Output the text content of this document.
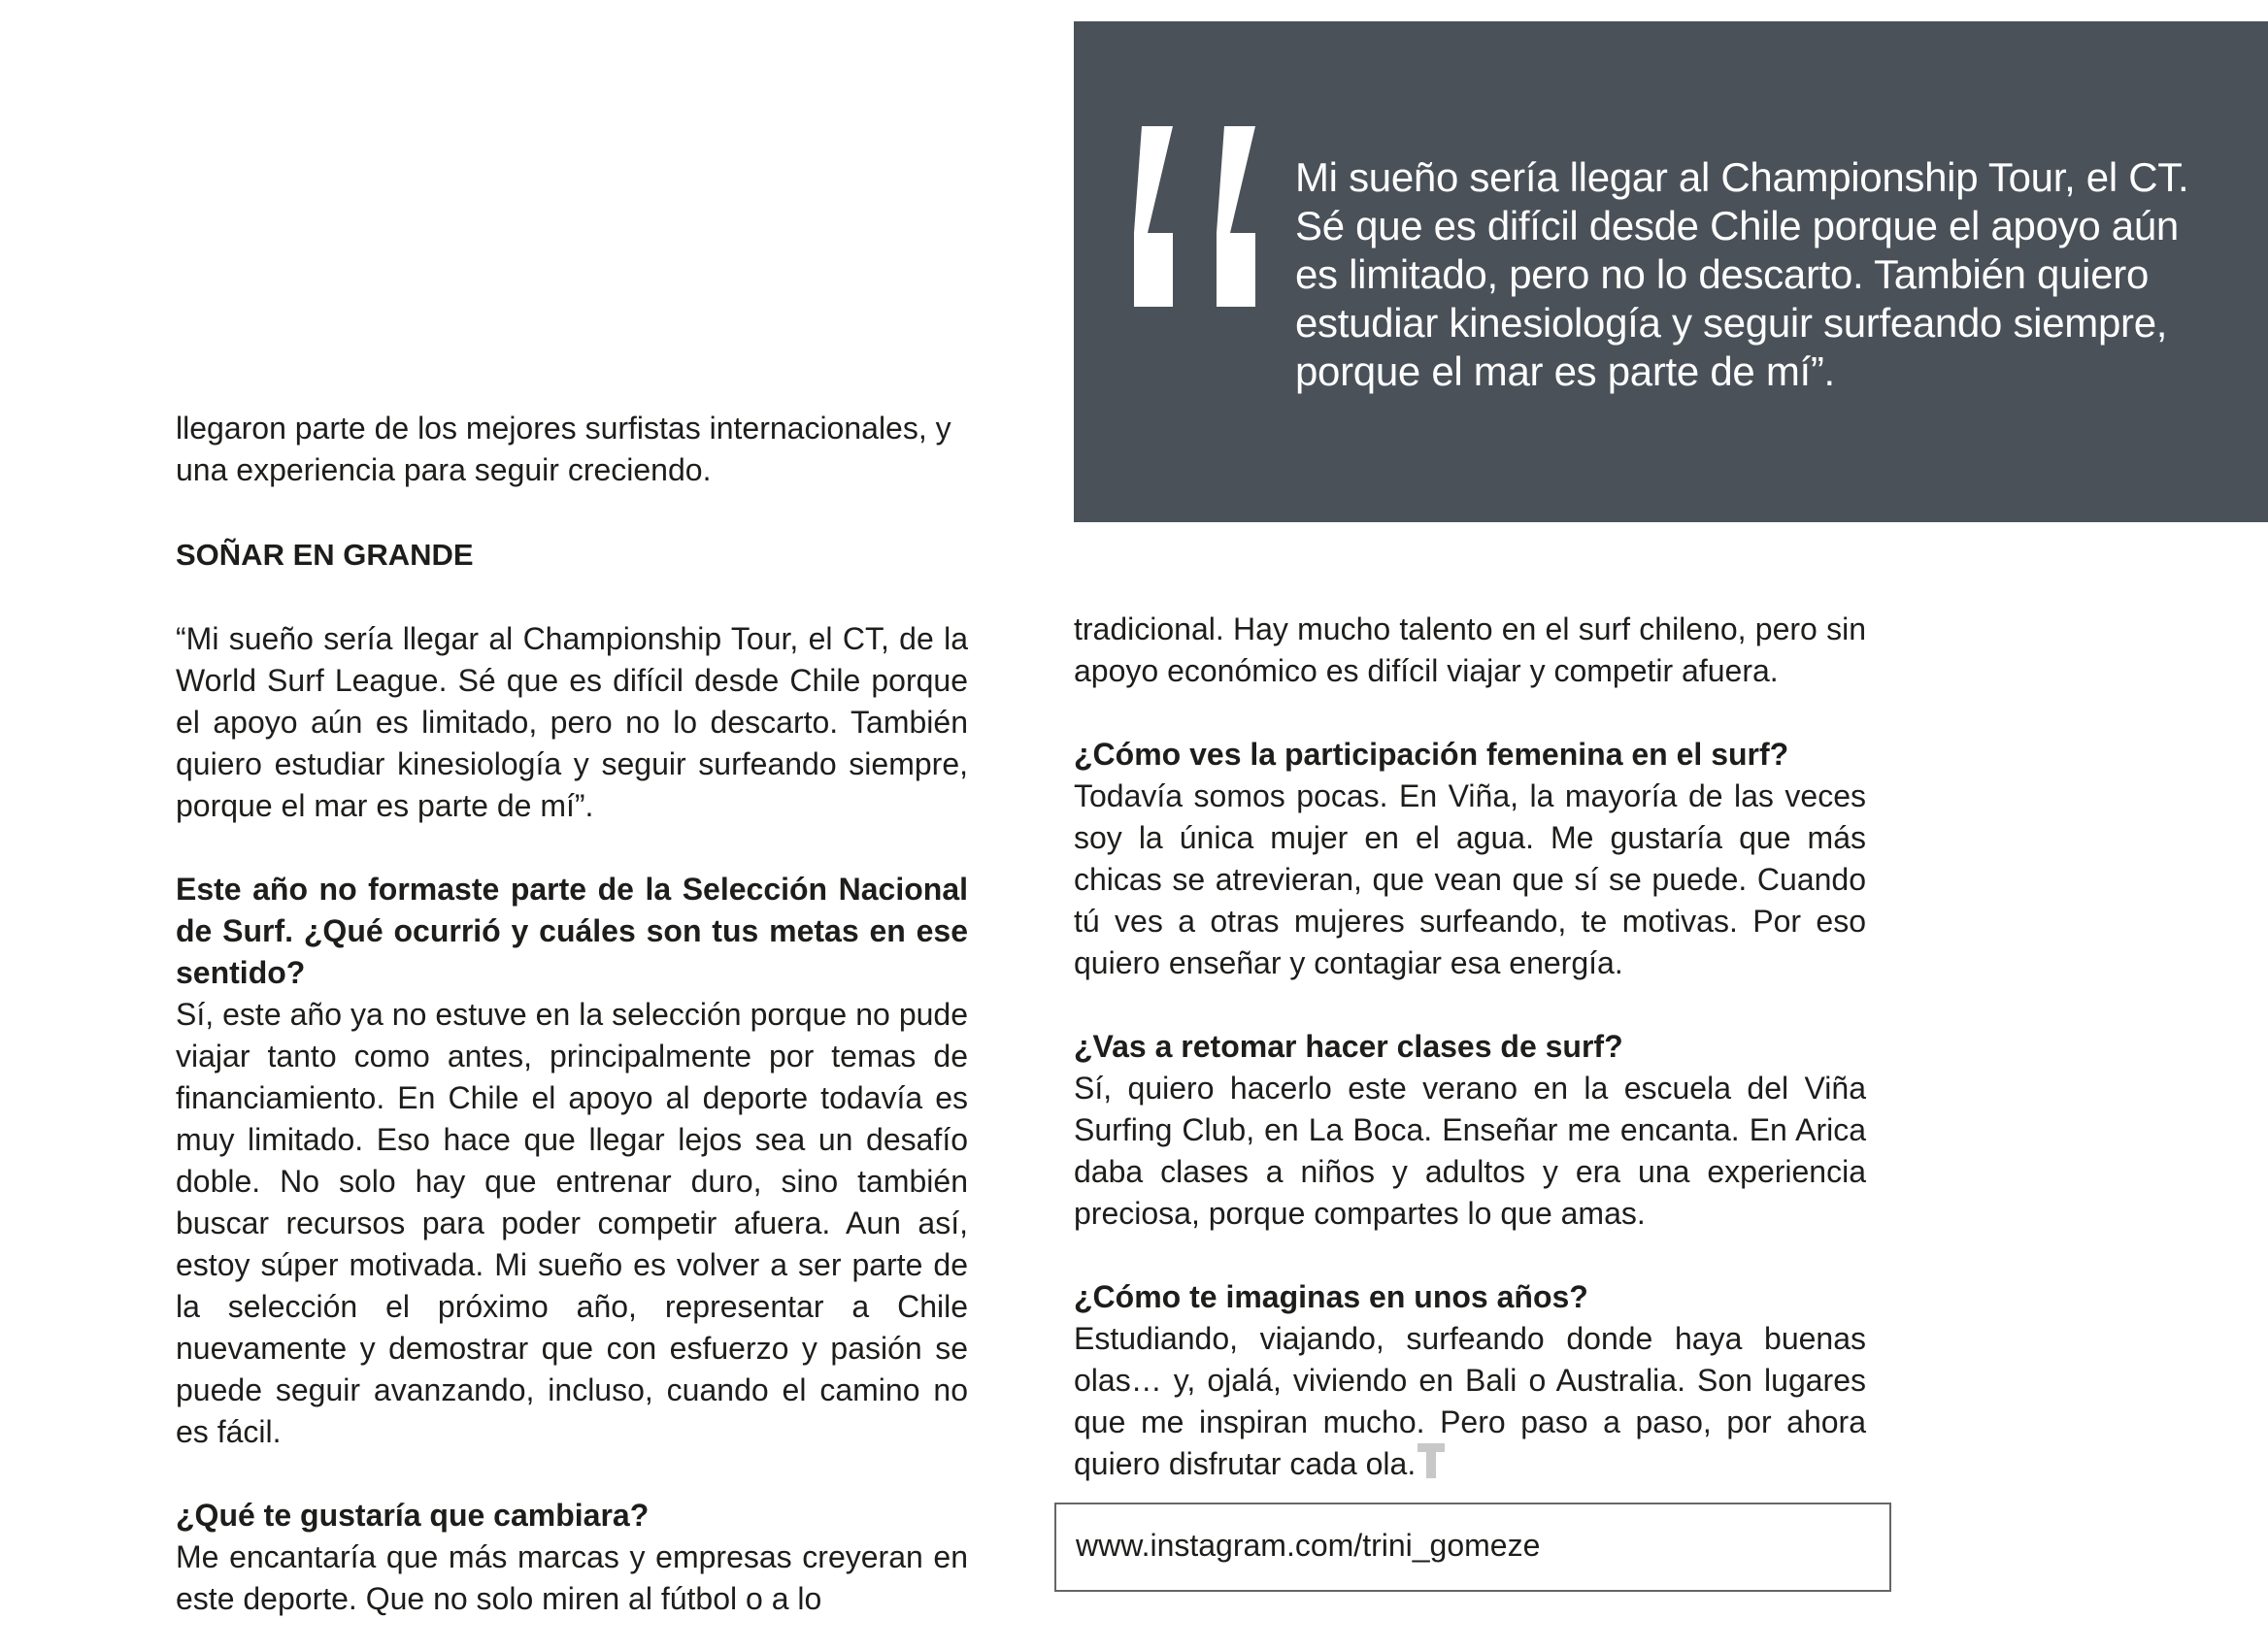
Mi sueño sería llegar al Championship Tour, el CT. Sé que es difícil desde Chile porque el apoyo aún es limitado, pero no lo descarto. También quiero estudiar kinesiología y seguir surfeando siempre, porque el mar es parte de mí”.

llegaron parte de los mejores surfistas internacionales, y una experiencia para seguir creciendo.

SOÑAR EN GRANDE

“Mi sueño sería llegar al Championship Tour, el CT, de la World Surf League. Sé que es difícil desde Chile porque el apoyo aún es limitado, pero no lo descarto. También quiero estudiar kinesiología y seguir surfeando siempre, porque el mar es parte de mí”.

Este año no formaste parte de la Selección Nacional de Surf. ¿Qué ocurrió y cuáles son tus metas en ese sentido?

Sí, este año ya no estuve en la selección porque no pude viajar tanto como antes, principalmente por temas de financiamiento. En Chile el apoyo al deporte todavía es muy limitado. Eso hace que llegar lejos sea un desafío doble. No solo hay que entrenar duro, sino también buscar recursos para poder competir afuera. Aun así, estoy súper motivada. Mi sueño es volver a ser parte de la selección el próximo año, representar a Chile nuevamente y demostrar que con esfuerzo y pasión se puede seguir avanzando, incluso, cuando el camino no es fácil.

¿Qué te gustaría que cambiara?

Me encantaría que más marcas y empresas creyeran en este deporte. Que no solo miren al fútbol o a lo

tradicional. Hay mucho talento en el surf chileno, pero sin apoyo económico es difícil viajar y competir afuera.

¿Cómo ves la participación femenina en el surf?

Todavía somos pocas. En Viña, la mayoría de las veces soy la única mujer en el agua. Me gustaría que más chicas se atrevieran, que vean que sí se puede. Cuando tú ves a otras mujeres surfeando, te motivas. Por eso quiero enseñar y contagiar esa energía.

¿Vas a retomar hacer clases de surf?

Sí, quiero hacerlo este verano en la escuela del Viña Surfing Club, en La Boca. Enseñar me encanta. En Arica daba clases a niños y adultos y era una experiencia preciosa, porque compartes lo que amas.

¿Cómo te imaginas en unos años?

Estudiando, viajando, surfeando donde haya buenas olas… y, ojalá, viviendo en Bali o Australia. Son lugares que me inspiran mucho. Pero paso a paso, por ahora quiero disfrutar cada ola.

www.instagram.com/trini_gomeze
